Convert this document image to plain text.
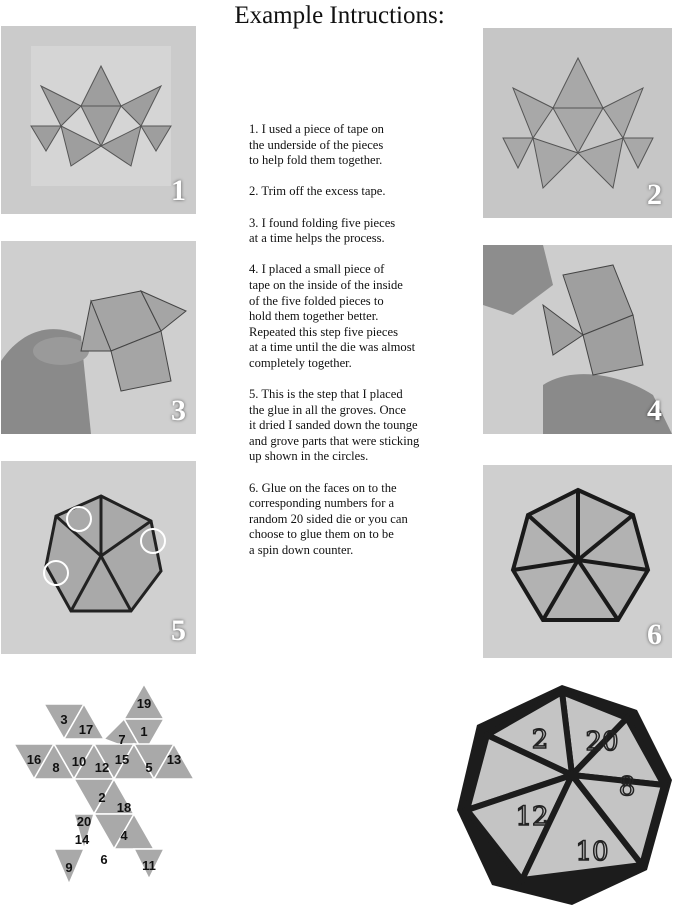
Example Intructions:
1	2
3	4
5	6
1. I used a piece of tape on
the underside of the pieces
to help fold them together.
2. Trim off the excess tape.
3. I found folding five pieces
at a time helps the process.
4. I placed a small piece of
tape on the inside of the inside
of the five folded pieces to
hold them together better.
Repeated this step five pieces
at a time until the die was almost
completely together.
5. This is the step that I placed
the glue in all the groves. Once
it dried I sanded down the tounge
and grove parts that were sticking
up shown in the circles.
6. Glue on the faces on to the
corresponding numbers for a
random 20 sided die or you can
choose to glue them on to be
a spin down counter.
19
3
1
17
7
16
8 10 12
15
5
13
2
18
20
14 4
11
9
6
2 20
8
12
10
